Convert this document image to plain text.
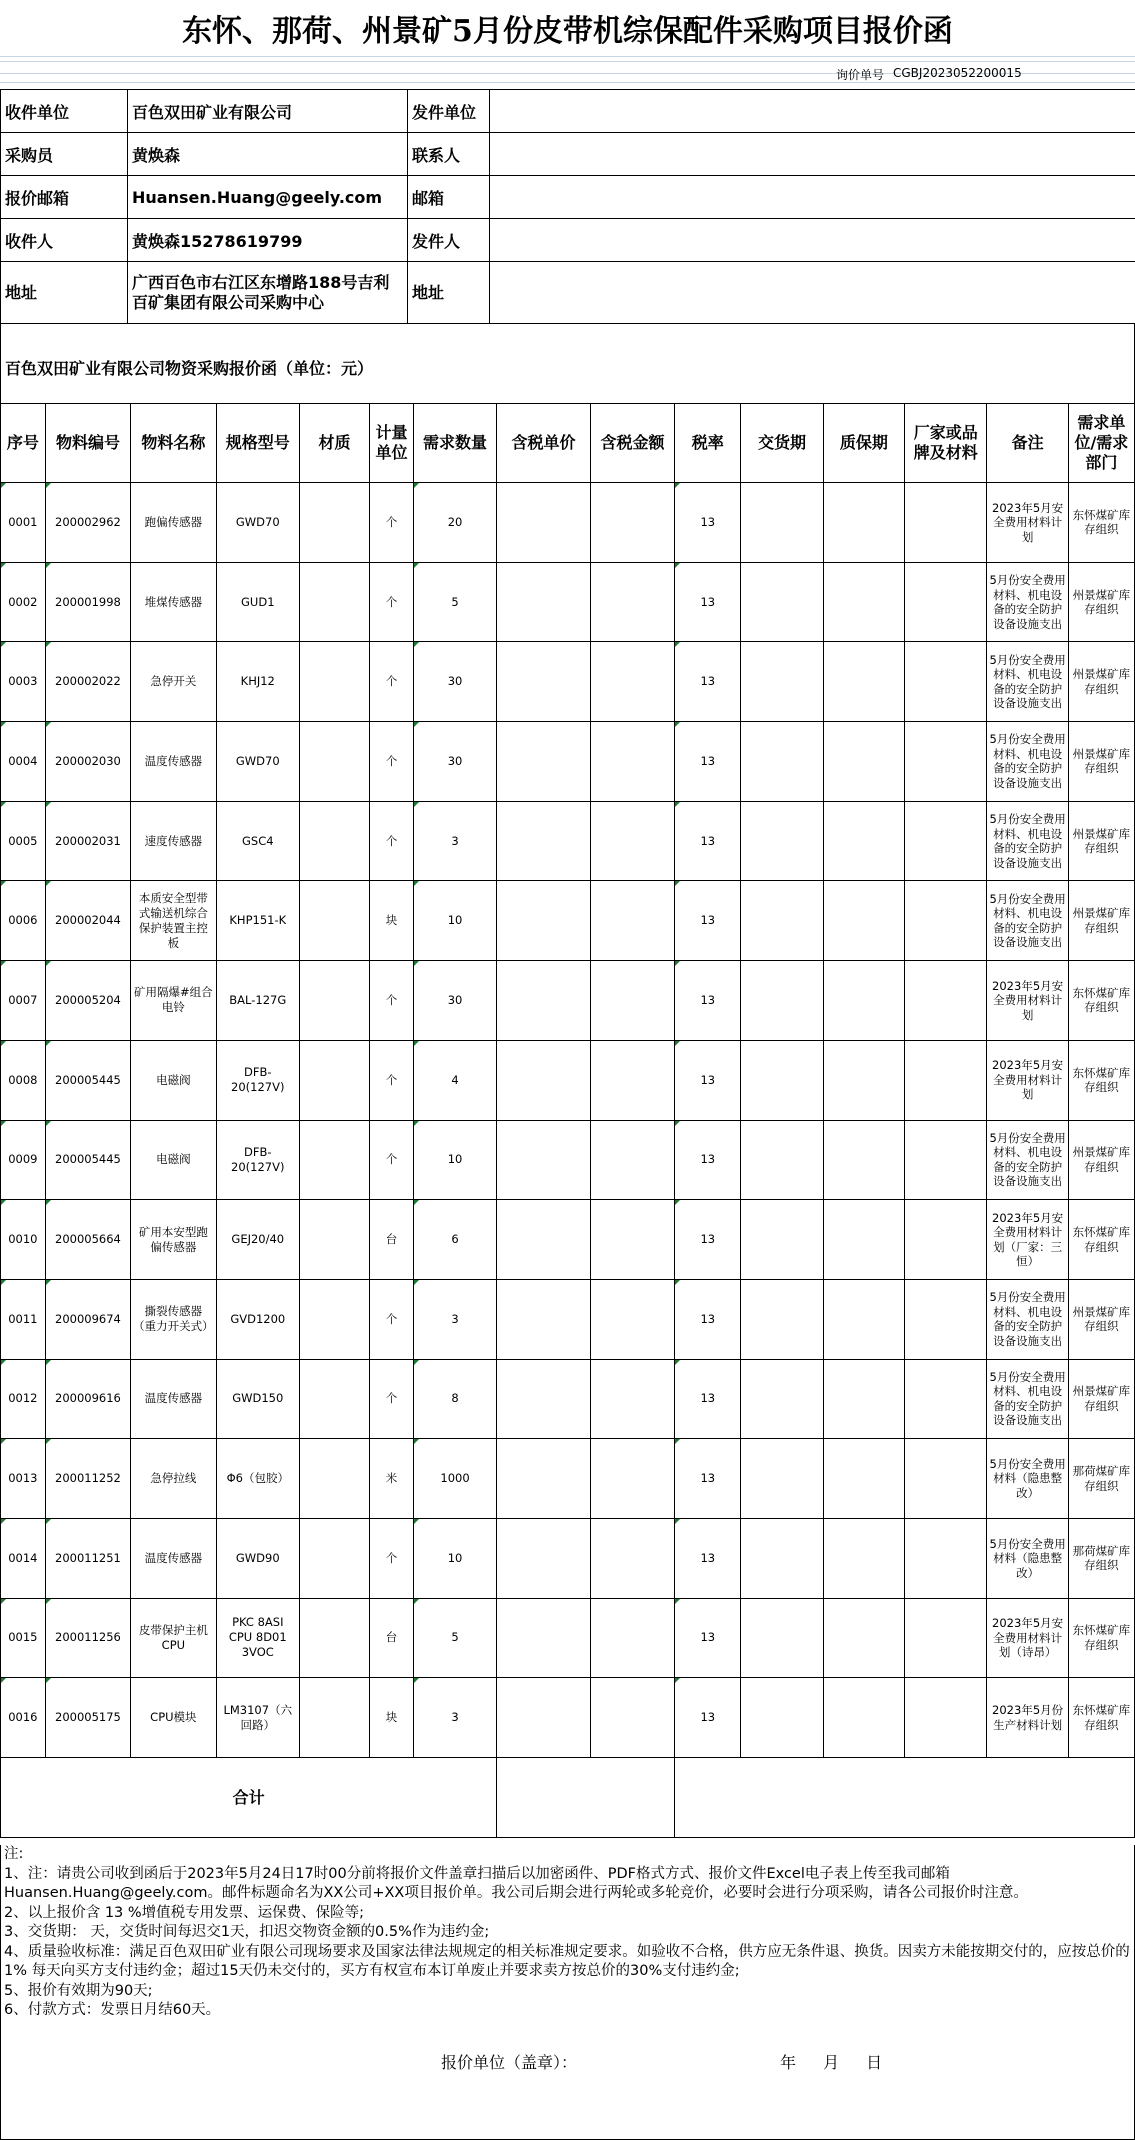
东怀、那荷、州景矿5月份皮带机综保配件采购项目报价函
询价单号 CGBJ2023052200015
收件单位	百色双田矿业有限公司	发件单位	
采购员	黄焕森	联系人	
报价邮箱	Huansen.Huang@geely.com	邮箱	
收件人	黄焕森15278619799	发件人	
地址	广西百色市右江区东增路188号吉利百矿集团有限公司采购中心	地址	
百色双田矿业有限公司物资采购报价函（单位：元）
序号	物料编号	物料名称	规格型号	材质	计量单位	需求数量	含税单价	含税金额	税率	交货期	质保期	厂家或品牌及材料	备注	需求单位/需求部门
0001	200002962	跑偏传感器	GWD70		个	20			13				2023年5月安全费用材料计划	东怀煤矿库存组织
0002	200001998	堆煤传感器	GUD1		个	5			13				5月份安全费用材料、机电设备的安全防护设备设施支出	州景煤矿库存组织
0003	200002022	急停开关	KHJ12		个	30			13				5月份安全费用材料、机电设备的安全防护设备设施支出	州景煤矿库存组织
0004	200002030	温度传感器	GWD70		个	30			13				5月份安全费用材料、机电设备的安全防护设备设施支出	州景煤矿库存组织
0005	200002031	速度传感器	GSC4		个	3			13				5月份安全费用材料、机电设备的安全防护设备设施支出	州景煤矿库存组织
0006	200002044	本质安全型带式输送机综合保护装置主控板	KHP151-K		块	10			13				5月份安全费用材料、机电设备的安全防护设备设施支出	州景煤矿库存组织
0007	200005204	矿用隔爆#组合电铃	BAL-127G		个	30			13				2023年5月安全费用材料计划	东怀煤矿库存组织
0008	200005445	电磁阀	DFB-20(127V)		个	4			13				2023年5月安全费用材料计划	东怀煤矿库存组织
0009	200005445	电磁阀	DFB-20(127V)		个	10			13				5月份安全费用材料、机电设备的安全防护设备设施支出	州景煤矿库存组织
0010	200005664	矿用本安型跑偏传感器	GEJ20/40		台	6			13				2023年5月安全费用材料计划（厂家：三恒）	东怀煤矿库存组织
0011	200009674	撕裂传感器（重力开关式）	GVD1200		个	3			13				5月份安全费用材料、机电设备的安全防护设备设施支出	州景煤矿库存组织
0012	200009616	温度传感器	GWD150		个	8			13				5月份安全费用材料、机电设备的安全防护设备设施支出	州景煤矿库存组织
0013	200011252	急停拉线	Φ6（包胶）		米	1000			13				5月份安全费用材料（隐患整改）	那荷煤矿库存组织
0014	200011251	温度传感器	GWD90		个	10			13				5月份安全费用材料（隐患整改）	那荷煤矿库存组织
0015	200011256	皮带保护主机CPU	PKC 8ASI CPU 8D01 3VOC		台	5			13				2023年5月安全费用材料计划（诗昂）	东怀煤矿库存组织
0016	200005175	CPU模块	LM3107（六回路）		块	3			13				2023年5月份生产材料计划	东怀煤矿库存组织
合计														
注:
1、注：请贵公司收到函后于2023年5月24日17时00分前将报价文件盖章扫描后以加密函件、PDF格式方式、报价文件Excel电子表上传至我司邮箱
Huansen.Huang@geely.com。邮件标题命名为XX公司+XX项目报价单。我公司后期会进行两轮或多轮竞价，必要时会进行分项采购，请各公司报价时注意。
2、以上报价含 13 %增值税专用发票、运保费、保险等;
3、交货期： 天，交货时间每迟交1天，扣迟交物资金额的0.5%作为违约金;
4、质量验收标准：满足百色双田矿业有限公司现场要求及国家法律法规规定的相关标准规定要求。如验收不合格，供方应无条件退、换货。因卖方未能按期交付的，应按总价的1% 每天向买方支付违约金；超过15天仍未交付的，买方有权宣布本订单废止并要求卖方按总价的30%支付违约金;
5、报价有效期为90天;
6、付款方式：发票日月结60天。
报价单位（盖章）：	年 月 日
